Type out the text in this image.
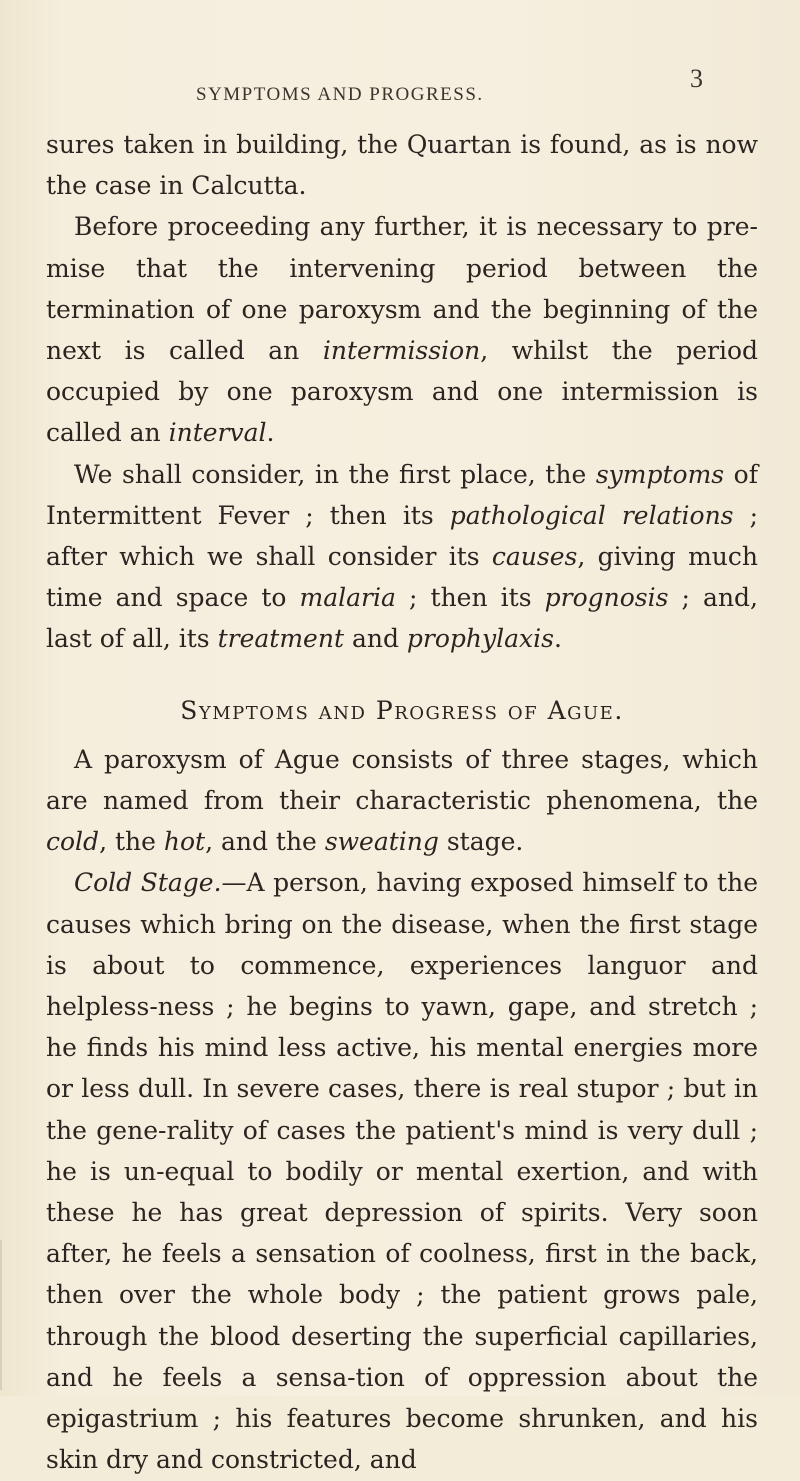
SYMPTOMS AND PROGRESS.
3

sures taken in building, the Quartan is found, as is now the case in Calcutta.

Before proceeding any further, it is necessary to pre-mise that the intervening period between the termination of one paroxysm and the beginning of the next is called an intermission, whilst the period occupied by one paroxysm and one intermission is called an interval.

We shall consider, in the first place, the symptoms of Intermittent Fever ; then its pathological relations ; after which we shall consider its causes, giving much time and space to malaria ; then its prognosis ; and, last of all, its treatment and prophylaxis.

Symptoms and Progress of Ague.

A paroxysm of Ague consists of three stages, which are named from their characteristic phenomena, the cold, the hot, and the sweating stage.

Cold Stage.—A person, having exposed himself to the causes which bring on the disease, when the first stage is about to commence, experiences languor and helpless-ness ; he begins to yawn, gape, and stretch ; he finds his mind less active, his mental energies more or less dull. In severe cases, there is real stupor ; but in the gene-rality of cases the patient's mind is very dull ; he is un-equal to bodily or mental exertion, and with these he has great depression of spirits. Very soon after, he feels a sensation of coolness, first in the back, then over the whole body ; the patient grows pale, through the blood deserting the superficial capillaries, and he feels a sensa-tion of oppression about the epigastrium ; his features become shrunken, and his skin dry and constricted, and
